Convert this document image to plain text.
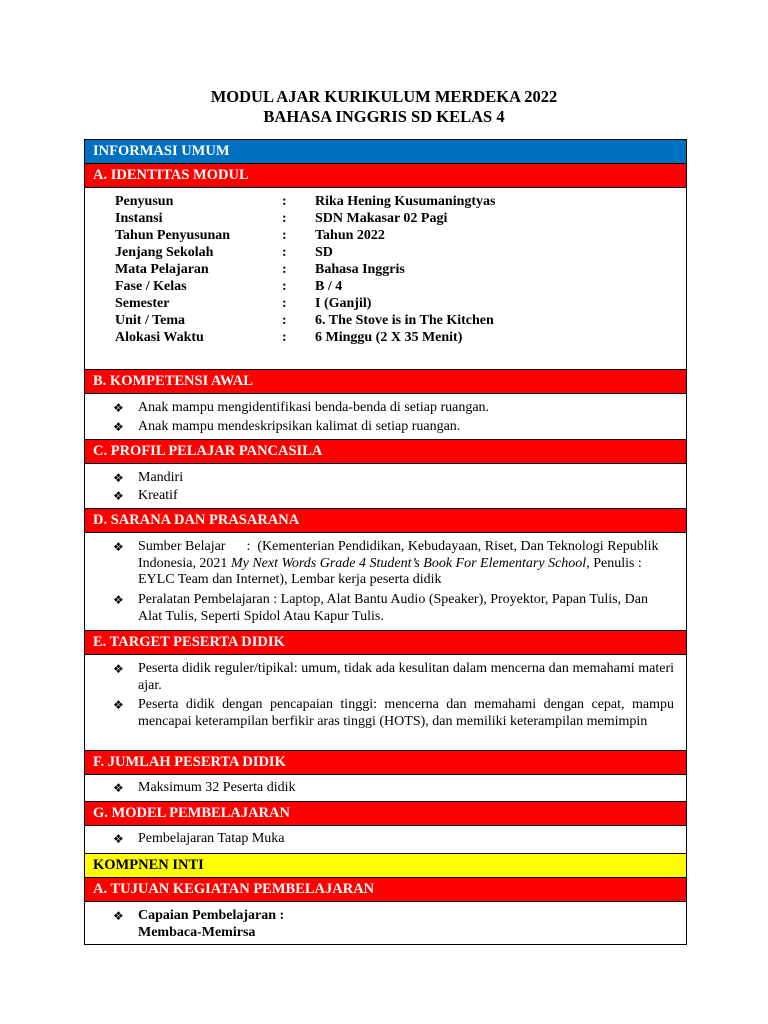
MODUL AJAR KURIKULUM MERDEKA 2022
BAHASA INGGRIS SD KELAS 4
INFORMASI UMUM
A. IDENTITAS MODUL
Penyusun	: Rika Hening Kusumaningtyas
Instansi	: SDN Makasar 02 Pagi
Tahun Penyusunan	: Tahun 2022
Jenjang Sekolah	: SD
Mata Pelajaran	: Bahasa Inggris
Fase / Kelas	: B / 4
Semester	: I (Ganjil)
Unit / Tema	: 6. The Stove is in The Kitchen
Alokasi Waktu	: 6 Minggu (2 X 35 Menit)
B. KOMPETENSI AWAL
❖ Anak mampu mengidentifikasi benda-benda di setiap ruangan.
❖ Anak mampu mendeskripsikan kalimat di setiap ruangan.
C. PROFIL PELAJAR PANCASILA
❖ Mandiri
❖ Kreatif
D. SARANA DAN PRASARANA
❖ Sumber Belajar      :  (Kementerian Pendidikan, Kebudayaan, Riset, Dan Teknologi Republik Indonesia, 2021 My Next Words Grade 4 Student’s Book For Elementary School, Penulis : EYLC Team dan Internet), Lembar kerja peserta didik
❖ Peralatan Pembelajaran : Laptop, Alat Bantu Audio (Speaker), Proyektor, Papan Tulis, Dan Alat Tulis, Seperti Spidol Atau Kapur Tulis.
E. TARGET PESERTA DIDIK
❖ Peserta didik reguler/tipikal: umum, tidak ada kesulitan dalam mencerna dan memahami materi ajar.
❖ Peserta didik dengan pencapaian tinggi: mencerna dan memahami dengan cepat, mampu mencapai keterampilan berfikir aras tinggi (HOTS), dan memiliki keterampilan memimpin
F. JUMLAH PESERTA DIDIK
❖ Maksimum 32 Peserta didik
G. MODEL PEMBELAJARAN
❖ Pembelajaran Tatap Muka
KOMPNEN INTI
A. TUJUAN KEGIATAN PEMBELAJARAN
❖ Capaian Pembelajaran :
Membaca-Memirsa
